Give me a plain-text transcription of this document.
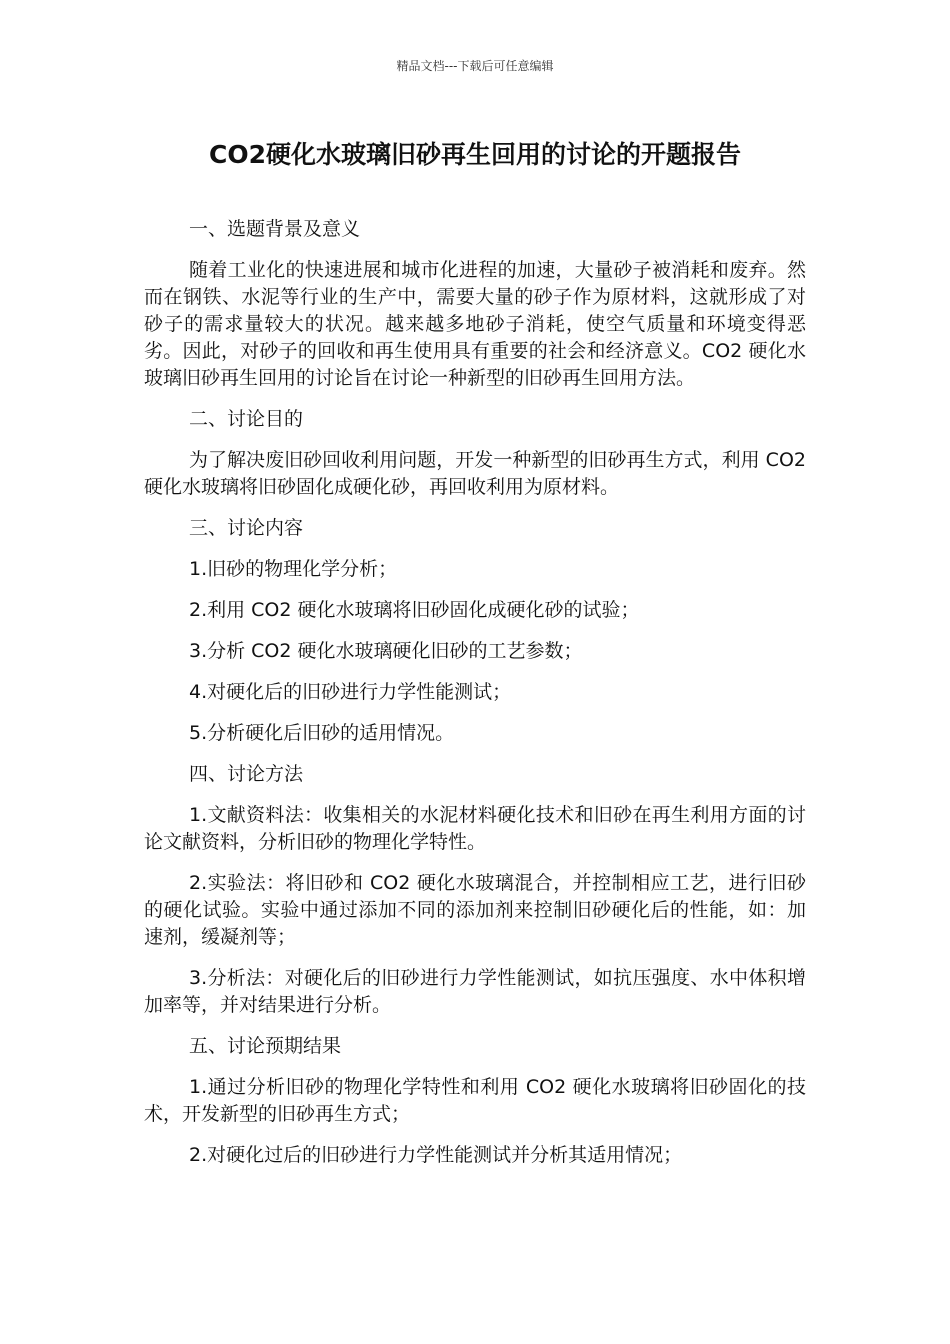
精品文档---下载后可任意编辑
CO2硬化水玻璃旧砂再生回用的讨论的开题报告

一、选题背景及意义

随着工业化的快速进展和城市化进程的加速，大量砂子被消耗和废弃。然而在钢铁、水泥等行业的生产中，需要大量的砂子作为原材料，这就形成了对砂子的需求量较大的状况。越来越多地砂子消耗，使空气质量和环境变得恶劣。因此，对砂子的回收和再生使用具有重要的社会和经济意义。CO2 硬化水玻璃旧砂再生回用的讨论旨在讨论一种新型的旧砂再生回用方法。

二、讨论目的

为了解决废旧砂回收利用问题，开发一种新型的旧砂再生方式，利用 CO2 硬化水玻璃将旧砂固化成硬化砂，再回收利用为原材料。

三、讨论内容

1.旧砂的物理化学分析；

2.利用 CO2 硬化水玻璃将旧砂固化成硬化砂的试验；

3.分析 CO2 硬化水玻璃硬化旧砂的工艺参数；

4.对硬化后的旧砂进行力学性能测试；

5.分析硬化后旧砂的适用情况。

四、讨论方法

1.文献资料法：收集相关的水泥材料硬化技术和旧砂在再生利用方面的讨论文献资料，分析旧砂的物理化学特性。

2.实验法：将旧砂和 CO2 硬化水玻璃混合，并控制相应工艺，进行旧砂的硬化试验。实验中通过添加不同的添加剂来控制旧砂硬化后的性能，如：加速剂，缓凝剂等；

3.分析法：对硬化后的旧砂进行力学性能测试，如抗压强度、水中体积增加率等，并对结果进行分析。

五、讨论预期结果

1.通过分析旧砂的物理化学特性和利用 CO2 硬化水玻璃将旧砂固化的技术，开发新型的旧砂再生方式；

2.对硬化过后的旧砂进行力学性能测试并分析其适用情况；
